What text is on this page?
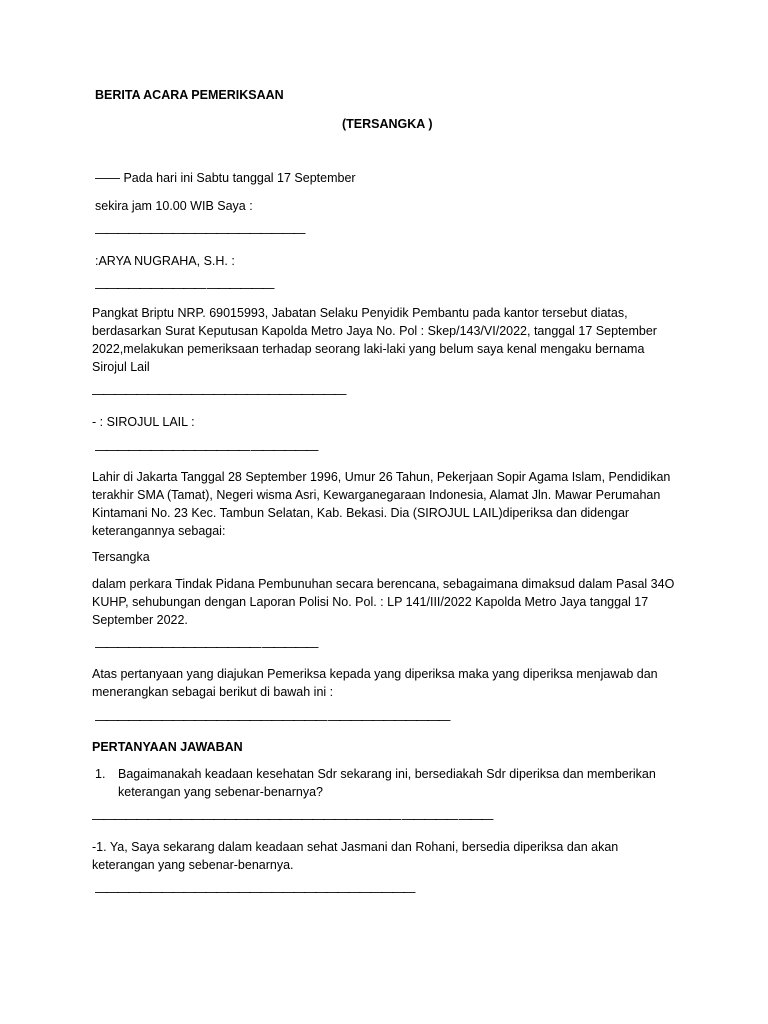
BERITA ACARA PEMERIKSAAN

(TERSANGKA )

—— Pada hari ini Sabtu tanggal 17 September

sekira jam 10.00 WIB Saya :

———————————————————

:ARYA NUGRAHA, S.H. :

—————————— ——————

Pangkat Briptu NRP. 69015993, Jabatan Selaku Penyidik Pembantu pada kantor tersebut diatas, berdasarkan Surat Keputusan Kapolda Metro Jaya No. Pol : Skep/143/VI/2022, tanggal 17 September 2022,melakukan pemeriksaan terhadap seorang laki-laki yang belum saya kenal mengaku bernama Sirojul Lail

———————————————————————

- : SIROJUL LAIL :

—————————————— ——————

Lahir di Jakarta Tanggal 28 September 1996, Umur 26 Tahun, Pekerjaan Sopir Agama Islam, Pendidikan terakhir SMA (Tamat), Negeri wisma Asri, Kewarganegaraan Indonesia, Alamat Jln. Mawar Perumahan Kintamani No. 23 Kec. Tambun Selatan, Kab. Bekasi. Dia (SIROJUL LAIL)diperiksa dan didengar keterangannya sebagai:

Tersangka

dalam perkara Tindak Pidana Pembunuhan secara berencana, sebagaimana dimaksud dalam Pasal 34O KUHP, sehubungan dengan Laporan Polisi No. Pol. : LP 141/III/2022 Kapolda Metro Jaya tanggal 17 September 2022.

——————————————— —————

Atas pertanyaan yang diajukan Pemeriksa kepada yang diperiksa maka yang diperiksa menjawab dan menerangkan sebagai berikut di bawah ini :

————————————————————— ———————————

PERTANYAAN JAWABAN

1. Bagaimanakah keadaan kesehatan Sdr sekarang ini, bersediakah Sdr diperiksa dan memberikan keterangan yang sebenar-benarnya?

———————————————————————————— ————— ———

-1. Ya, Saya sekarang dalam keadaan sehat Jasmani dan Rohani, bersedia diperiksa dan akan keterangan yang sebenar-benarnya.

—————————————————————————————
